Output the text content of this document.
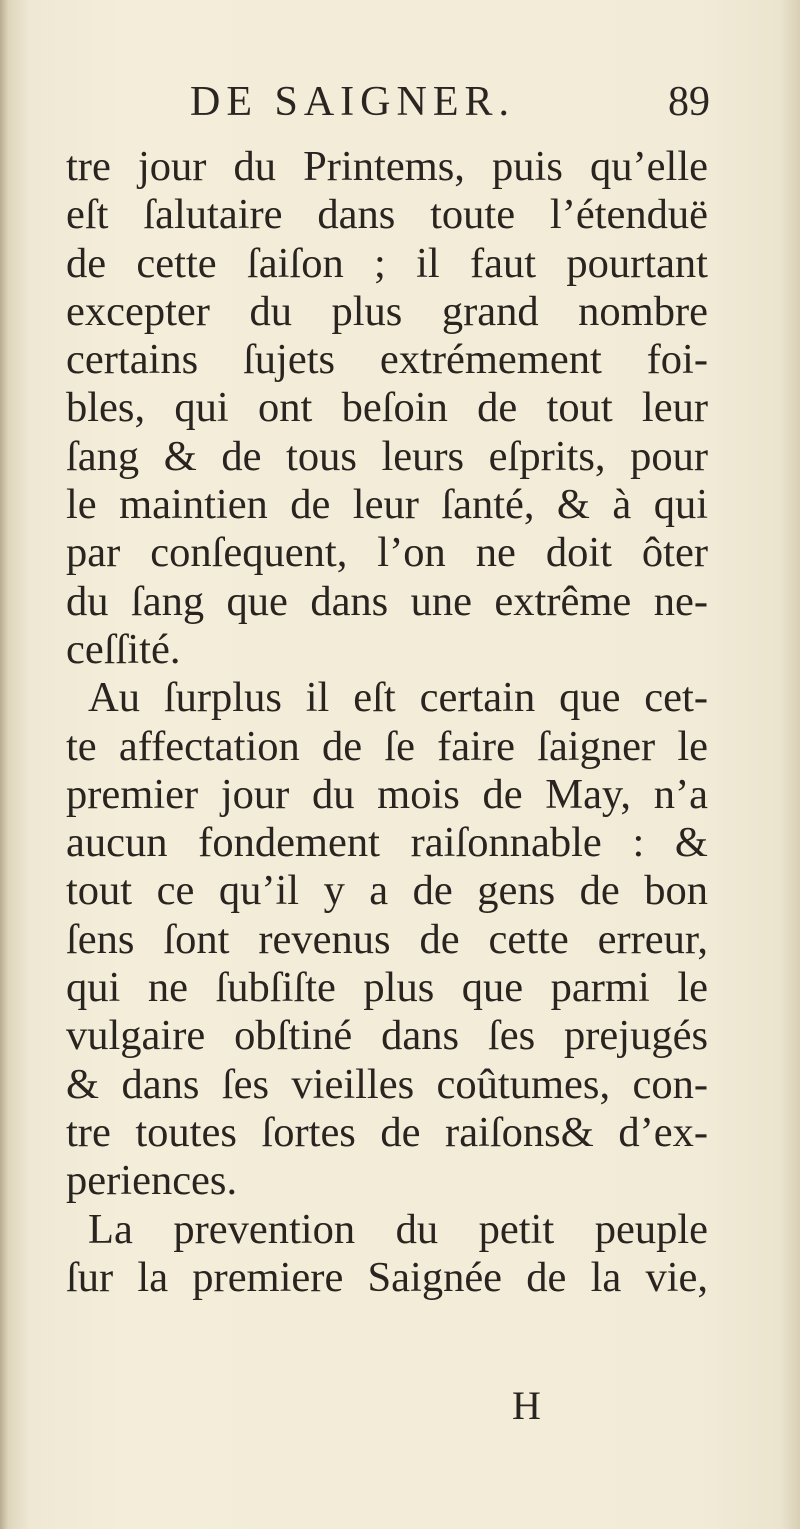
DE SAIGNER.	89
tre jour du Printems, puis qu’elle
eſt ſalutaire dans toute l’étenduë
de cette ſaiſon ; il faut pourtant
excepter du plus grand nombre
certains ſujets extrémement foi-
bles, qui ont beſoin de tout leur
ſang & de tous leurs eſprits, pour
le maintien de leur ſanté, & à qui
par conſequent, l’on ne doit ôter
du ſang que dans une extrême ne-
ceſſité.
Au ſurplus il eſt certain que cet-
te affectation de ſe faire ſaigner le
premier jour du mois de May, n’a
aucun fondement raiſonnable : &
tout ce qu’il y a de gens de bon
ſens ſont revenus de cette erreur,
qui ne ſubſiſte plus que parmi le
vulgaire obſtiné dans ſes prejugés
& dans ſes vieilles coûtumes, con-
tre toutes ſortes de raiſons& d’ex-
periences.
La prevention du petit peuple
ſur la premiere Saignée de la vie,
H
